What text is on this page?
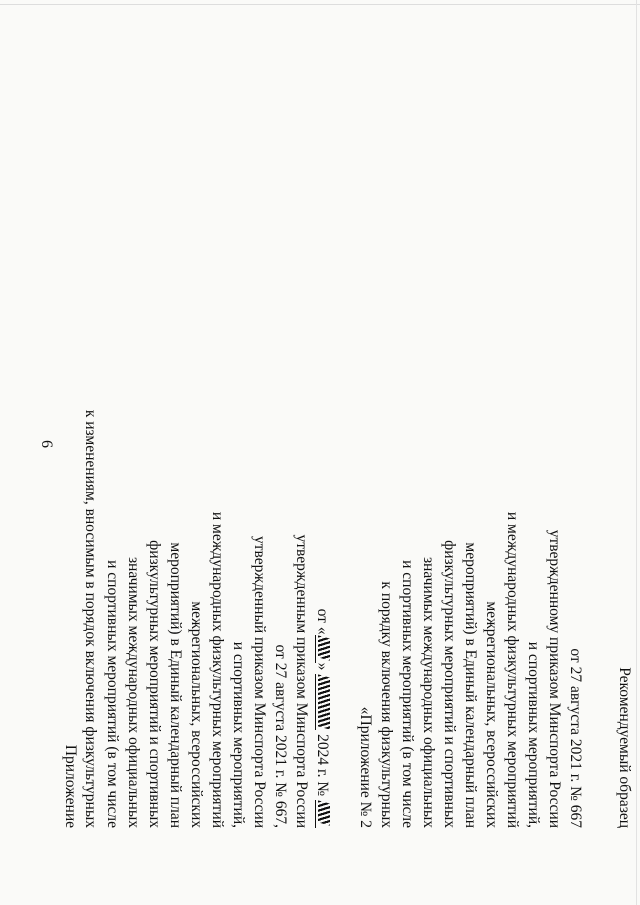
6
Приложение к изменениям, вносимым в порядок включения физкультурных и спортивных мероприятий (в том числе значимых международных официальных физкультурных мероприятий и спортивных мероприятий) в Единый календарный план межрегиональных, всероссийских и международных физкультурных мероприятий и спортивных мероприятий, утвержденный приказом Минспорта России от 27 августа 2021 г. № 667, утвержденным приказом Минспорта России от «
»
2024 г. № «Приложение № 2 к порядку включения физкультурных и спортивных мероприятий (в том числе значимых международных официальных физкультурных мероприятий и спортивных мероприятий) в Единый календарный план межрегиональных, всероссийских и международных физкультурных мероприятий и спортивных мероприятий, утвержденному приказом Минспорта России от 27 августа 2021 г. № 667 Рекомендуемый образец
